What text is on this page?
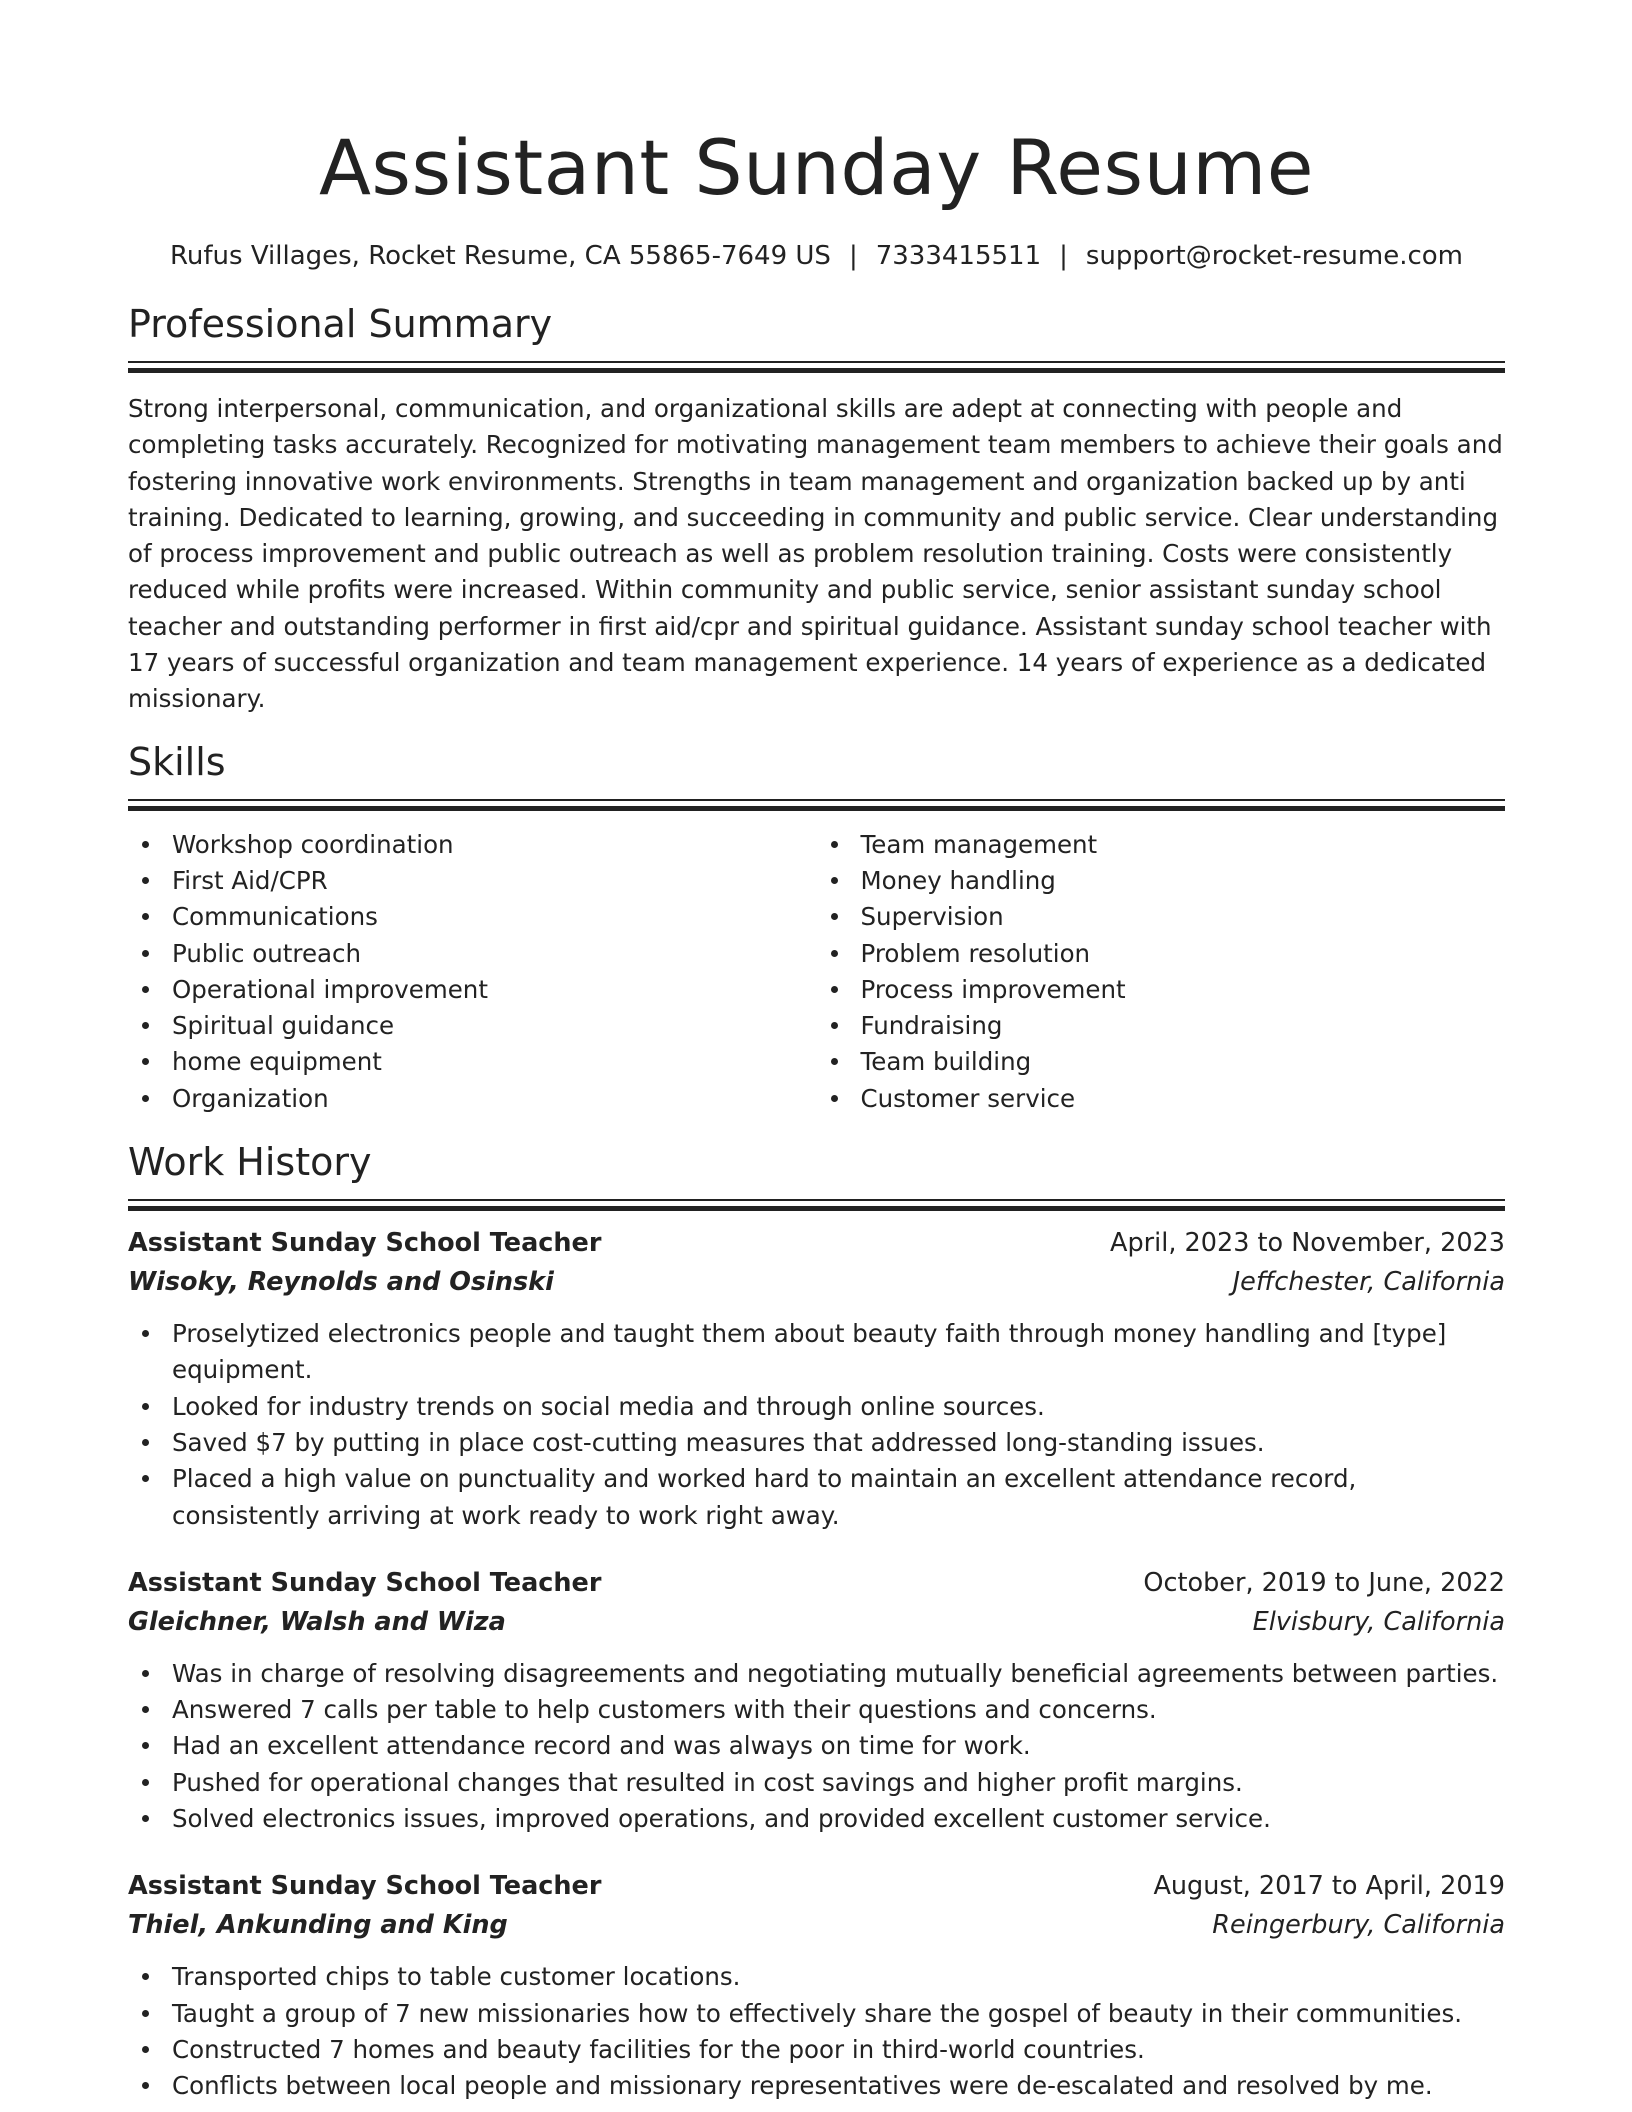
Assistant Sunday Resume
Rufus Villages, Rocket Resume, CA 55865-7649 US | 7333415511 | support@rocket-resume.com
Professional Summary

Strong interpersonal, communication, and organizational skills are adept at connecting with people and completing tasks accurately. Recognized for motivating management team members to achieve their goals and fostering innovative work environments. Strengths in team management and organization backed up by anti training. Dedicated to learning, growing, and succeeding in community and public service. Clear understanding of process improvement and public outreach as well as problem resolution training. Costs were consistently reduced while profits were increased. Within community and public service, senior assistant sunday school teacher and outstanding performer in first aid/cpr and spiritual guidance. Assistant sunday school teacher with 17 years of successful organization and team management experience. 14 years of experience as a dedicated missionary.

Skills
Workshop coordination
First Aid/CPR
Communications
Public outreach
Operational improvement
Spiritual guidance
home equipment
Organization
Team management
Money handling
Supervision
Problem resolution
Process improvement
Fundraising
Team building
Customer service
Work History
Assistant Sunday School Teacher	April, 2023 to November, 2023
Wisoky, Reynolds and Osinski	Jeffchester, California
Proselytized electronics people and taught them about beauty faith through money handling and [type] equipment.
Looked for industry trends on social media and through online sources.
Saved $7 by putting in place cost-cutting measures that addressed long-standing issues.
Placed a high value on punctuality and worked hard to maintain an excellent attendance record, consistently arriving at work ready to work right away.
Assistant Sunday School Teacher	October, 2019 to June, 2022
Gleichner, Walsh and Wiza	Elvisbury, California
Was in charge of resolving disagreements and negotiating mutually beneficial agreements between parties.
Answered 7 calls per table to help customers with their questions and concerns.
Had an excellent attendance record and was always on time for work.
Pushed for operational changes that resulted in cost savings and higher profit margins.
Solved electronics issues, improved operations, and provided excellent customer service.
Assistant Sunday School Teacher	August, 2017 to April, 2019
Thiel, Ankunding and King	Reingerbury, California
Transported chips to table customer locations.
Taught a group of 7 new missionaries how to effectively share the gospel of beauty in their communities.
Constructed 7 homes and beauty facilities for the poor in third-world countries.
Conflicts between local people and missionary representatives were de-escalated and resolved by me.
